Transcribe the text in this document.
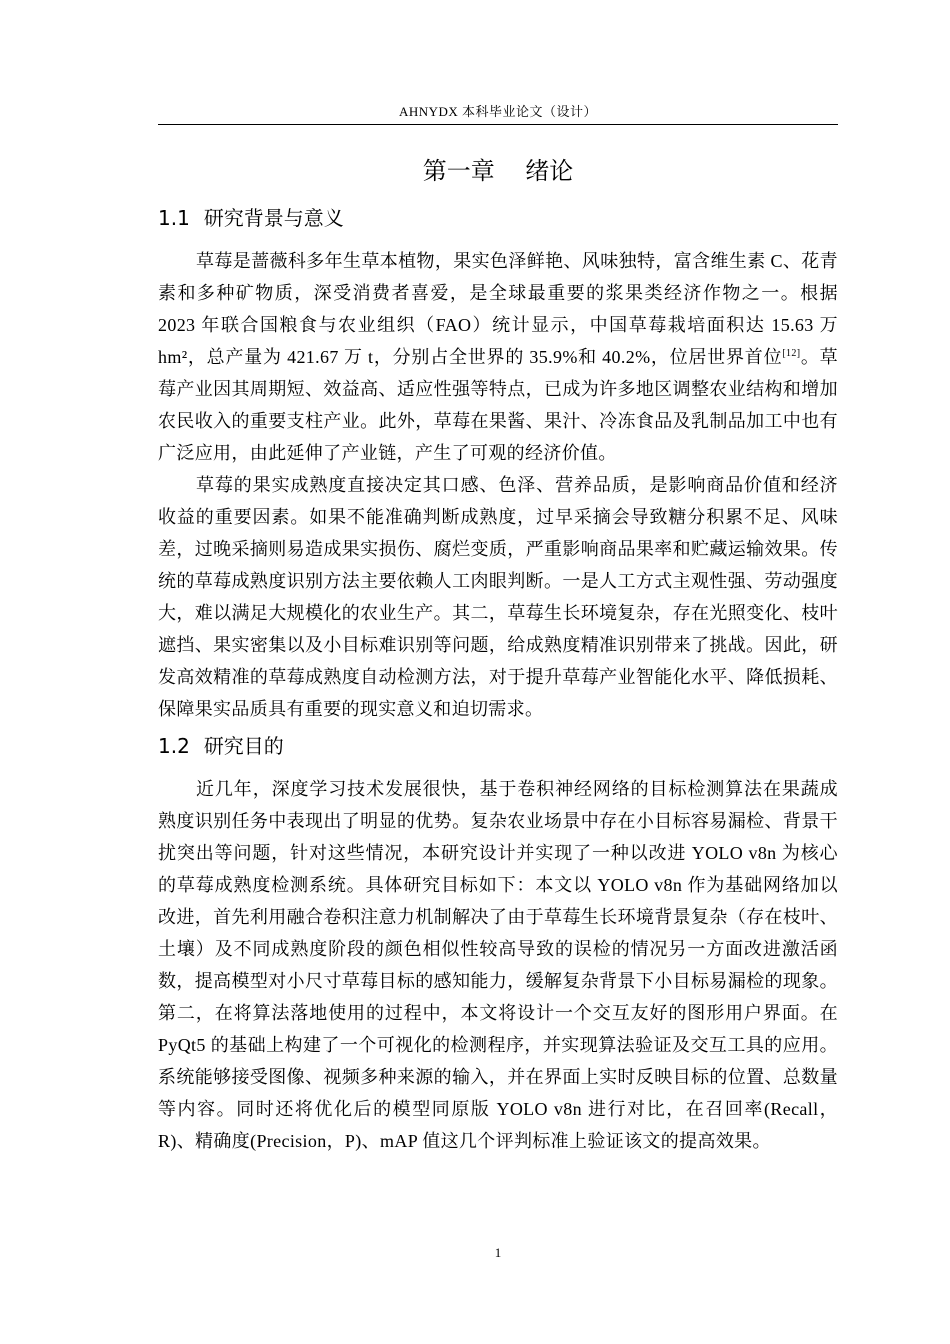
AHNYDX 本科毕业论文（设计）
第一章    绪论
1.1 研究背景与意义

草莓是蔷薇科多年生草本植物，果实色泽鲜艳、风味独特，富含维生素 C、花青素和多种矿物质，深受消费者喜爱，是全球最重要的浆果类经济作物之一。根据 2023 年联合国粮食与农业组织（FAO）统计显示，中国草莓栽培面积达 15.63 万 hm²，总产量为 421.67 万 t，分别占全世界的 35.9%和 40.2%，位居世界首位[12]。草莓产业因其周期短、效益高、适应性强等特点，已成为许多地区调整农业结构和增加农民收入的重要支柱产业。此外，草莓在果酱、果汁、冷冻食品及乳制品加工中也有广泛应用，由此延伸了产业链，产生了可观的经济价值。

草莓的果实成熟度直接决定其口感、色泽、营养品质，是影响商品价值和经济收益的重要因素。如果不能准确判断成熟度，过早采摘会导致糖分积累不足、风味差，过晚采摘则易造成果实损伤、腐烂变质，严重影响商品果率和贮藏运输效果。传统的草莓成熟度识别方法主要依赖人工肉眼判断。一是人工方式主观性强、劳动强度大，难以满足大规模化的农业生产。其二，草莓生长环境复杂，存在光照变化、枝叶遮挡、果实密集以及小目标难识别等问题，给成熟度精准识别带来了挑战。因此，研发高效精准的草莓成熟度自动检测方法，对于提升草莓产业智能化水平、降低损耗、保障果实品质具有重要的现实意义和迫切需求。

1.2 研究目的

近几年，深度学习技术发展很快，基于卷积神经网络的目标检测算法在果蔬成熟度识别任务中表现出了明显的优势。复杂农业场景中存在小目标容易漏检、背景干扰突出等问题，针对这些情况，本研究设计并实现了一种以改进 YOLO v8n 为核心的草莓成熟度检测系统。具体研究目标如下：本文以 YOLO v8n 作为基础网络加以改进，首先利用融合卷积注意力机制解决了由于草莓生长环境背景复杂（存在枝叶、土壤）及不同成熟度阶段的颜色相似性较高导致的误检的情况另一方面改进激活函数，提高模型对小尺寸草莓目标的感知能力，缓解复杂背景下小目标易漏检的现象。第二，在将算法落地使用的过程中，本文将设计一个交互友好的图形用户界面。在 PyQt5 的基础上构建了一个可视化的检测程序，并实现算法验证及交互工具的应用。系统能够接受图像、视频多种来源的输入，并在界面上实时反映目标的位置、总数量等内容。同时还将优化后的模型同原版 YOLO v8n 进行对比，在召回率(Recall，R)、精确度(Precision，P)、mAP 值这几个评判标准上验证该文的提高效果。

1
